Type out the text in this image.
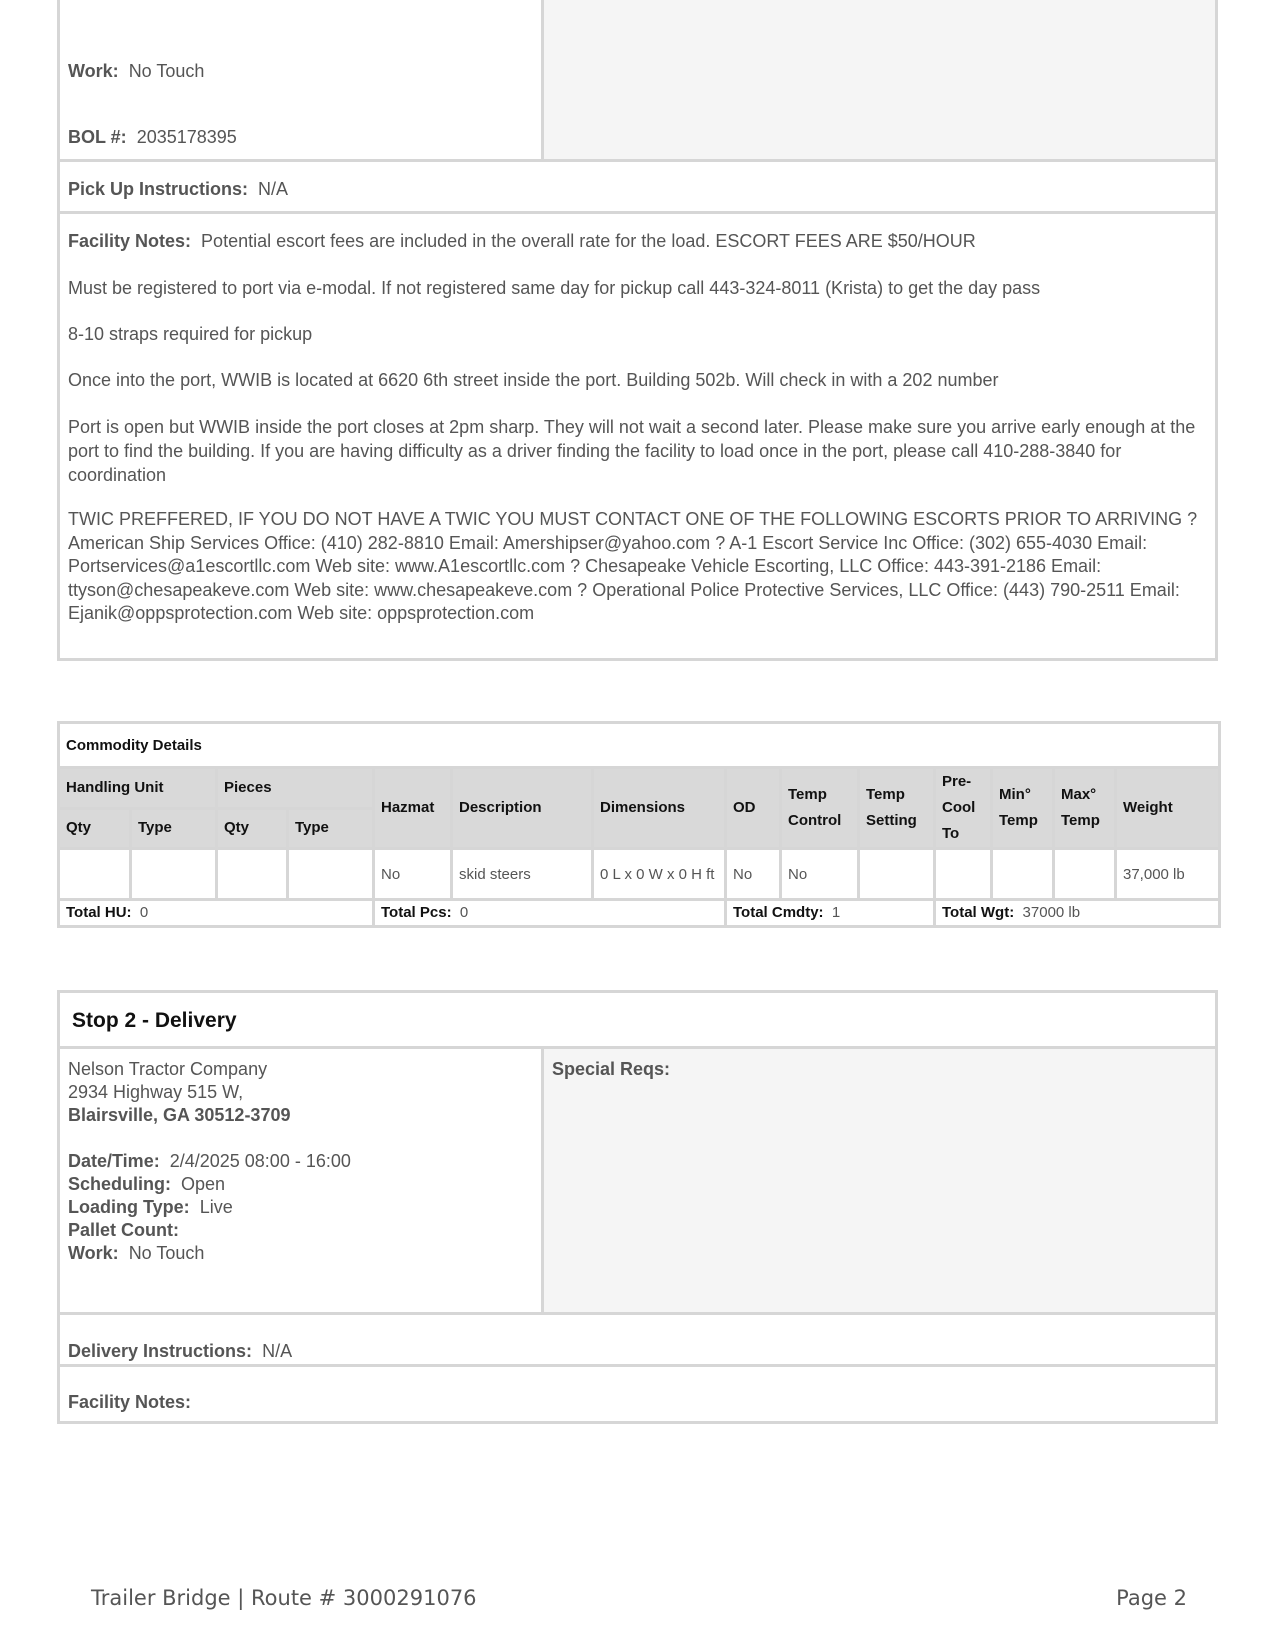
Work: No Touch
BOL #: 2035178395
Pick Up Instructions: N/A
Facility Notes: Potential escort fees are included in the overall rate for the load. ESCORT FEES ARE $50/HOUR
Must be registered to port via e-modal. If not registered same day for pickup call 443-324-8011 (Krista) to get the day pass
8-10 straps required for pickup
Once into the port, WWIB is located at 6620 6th street inside the port. Building 502b. Will check in with a 202 number
Port is open but WWIB inside the port closes at 2pm sharp. They will not wait a second later. Please make sure you arrive early enough at the port to find the building. If you are having difficulty as a driver finding the facility to load once in the port, please call 410-288-3840 for coordination
TWIC PREFFERED, IF YOU DO NOT HAVE A TWIC YOU MUST CONTACT ONE OF THE FOLLOWING ESCORTS PRIOR TO ARRIVING ? American Ship Services Office: (410) 282-8810 Email: Amershipser@yahoo.com ? A-1 Escort Service Inc Office: (302) 655-4030 Email: Portservices@a1escortllc.com Web site: www.A1escortllc.com ? Chesapeake Vehicle Escorting, LLC Office: 443-391-2186 Email: ttyson@chesapeakeve.com Web site: www.chesapeakeve.com ? Operational Police Protective Services, LLC Office: (443) 790-2511 Email: Ejanik@oppsprotection.com Web site: oppsprotection.com
Commodity Details													
Handling Unit		Pieces		Hazmat	Description	Dimensions	OD	Temp Control	Temp Setting	Pre-Cool To	Min° Temp	Max° Temp	Weight
Qty	Type	Qty	Type										
				No	skid steers	0 L x 0 W x 0 H ft	No	No					37,000 lb
Total HU: 0				Total Pcs: 0			Total Cmdty: 1			Total Wgt: 37000 lb			
Stop 2 - Delivery
Nelson Tractor Company
2934 Highway 515 W,
Blairsville, GA 30512-3709
Date/Time: 2/4/2025 08:00 - 16:00
Scheduling: Open
Loading Type: Live
Pallet Count:
Work: No Touch
Special Reqs:
Delivery Instructions: N/A
Facility Notes:
Trailer Bridge | Route # 3000291076	Page 2
